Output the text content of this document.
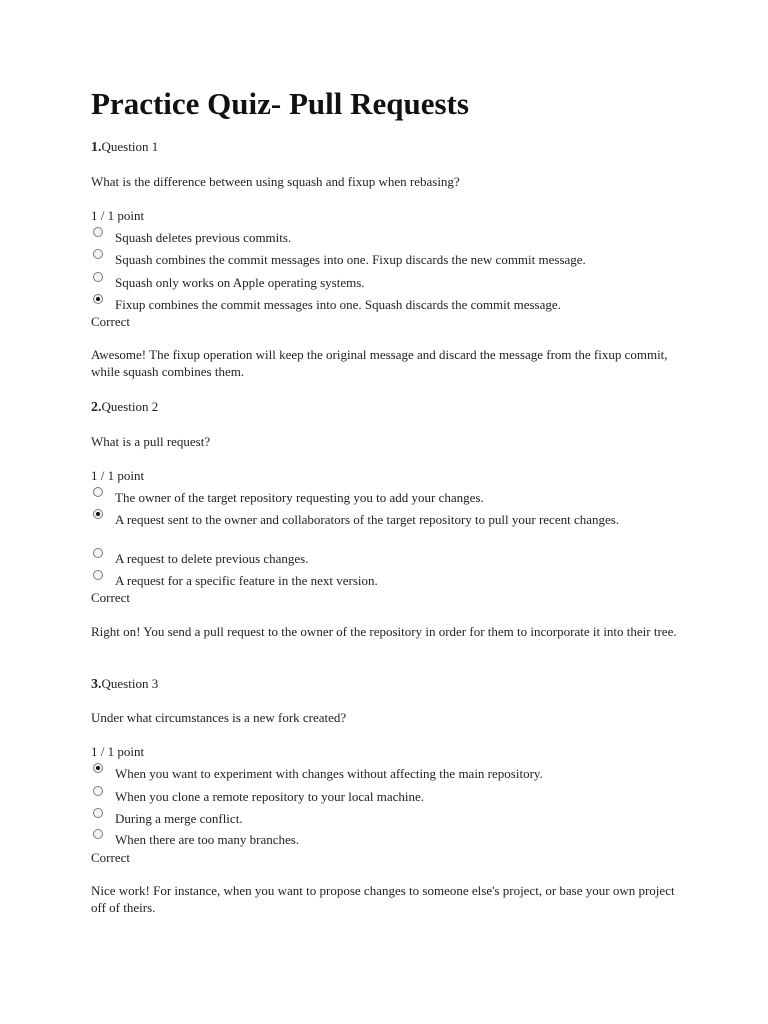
Practice Quiz- Pull Requests
1.Question 1
What is the difference between using squash and fixup when rebasing?
1 / 1 point
Squash deletes previous commits.
Squash combines the commit messages into one. Fixup discards the new commit message.
Squash only works on Apple operating systems.
Fixup combines the commit messages into one. Squash discards the commit message.
Correct
Awesome! The fixup operation will keep the original message and discard the message from the fixup commit, while squash combines them.
2.Question 2
What is a pull request?
1 / 1 point
The owner of the target repository requesting you to add your changes.
A request sent to the owner and collaborators of the target repository to pull your recent changes.
A request to delete previous changes.
A request for a specific feature in the next version.
Correct
Right on! You send a pull request to the owner of the repository in order for them to incorporate it into their tree.
3.Question 3
Under what circumstances is a new fork created?
1 / 1 point
When you want to experiment with changes without affecting the main repository.
When you clone a remote repository to your local machine.
During a merge conflict.
When there are too many branches.
Correct
Nice work! For instance, when you want to propose changes to someone else's project, or base your own project off of theirs.
